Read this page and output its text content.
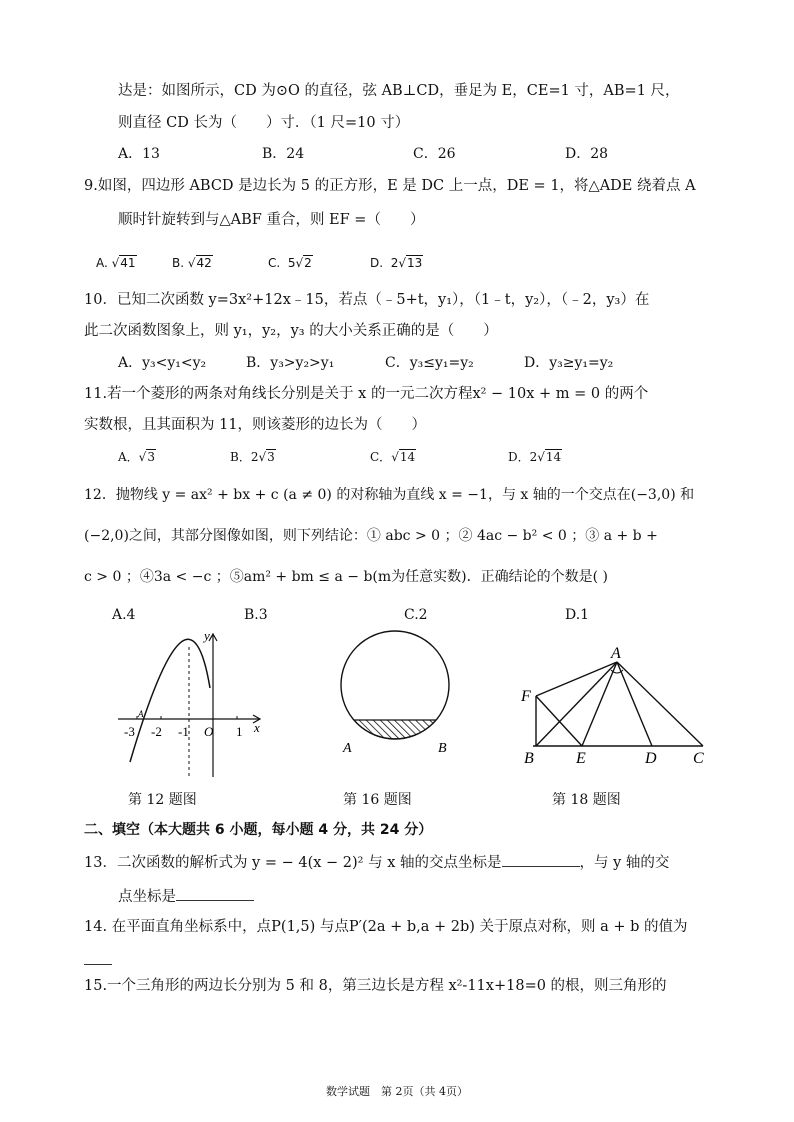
达是：如图所示，CD 为⊙O 的直径，弦 AB⊥CD，垂足为 E，CE=1 寸，AB=1 尺，
则直径 CD 长为（　　）寸．（1 尺=10 寸）
A．13	B．24	C．26	D．28
9.如图，四边形 ABCD 是边长为 5 的正方形，E 是 DC 上一点，DE = 1，将△ADE 绕着点 A
顺时针旋转到与△ABF 重合，则 EF =（　　）
A. √41	B. √42	C. 5√2	D. 2√13
10．已知二次函数 y=3x²+12x﹣15，若点（﹣5+t，y₁），（1﹣t，y₂），（﹣2，y₃）在
此二次函数图象上，则 y₁，y₂，y₃ 的大小关系正确的是（　　）
A．y₃<y₁<y₂	B．y₃>y₂>y₁	C．y₃≤y₁=y₂	D．y₃≥y₁=y₂
11.若一个菱形的两条对角线长分别是关于 x 的一元二次方程x² − 10x + m = 0 的两个
实数根，且其面积为 11，则该菱形的边长为（　　）
A．√3	B．2√3	C．√14	D．2√14
12．抛物线 y = ax² + bx + c (a ≠ 0) 的对称轴为直线 x = −1，与 x 轴的一个交点在(−3,0) 和
(−2,0)之间，其部分图像如图，则下列结论：① abc > 0 ；② 4ac − b² < 0 ；③ a + b +
c > 0 ；④3a < −c ；⑤am² + bm ≤ a − b(m为任意实数)．正确结论的个数是( )
A.4	B.3	C.2	D.1
y
x
A
-3 -2 -1 O 1
第 12 题图
A	B
第 16 题图
A
F
B	E	D C
第 18 题图
二、填空（本大题共 6 小题，每小题 4 分，共 24 分）
13．二次函数的解析式为 y = − 4(x − 2)² 与 x 轴的交点坐标是	，与 y 轴的交
点坐标是
14. 在平面直角坐标系中，点P(1,5) 与点P′(2a + b,a + 2b) 关于原点对称，则 a + b 的值为
15.一个三角形的两边长分别为 5 和 8，第三边长是方程 x²-11x+18=0 的根，则三角形的
数学试题　第 2页（共 4页）
